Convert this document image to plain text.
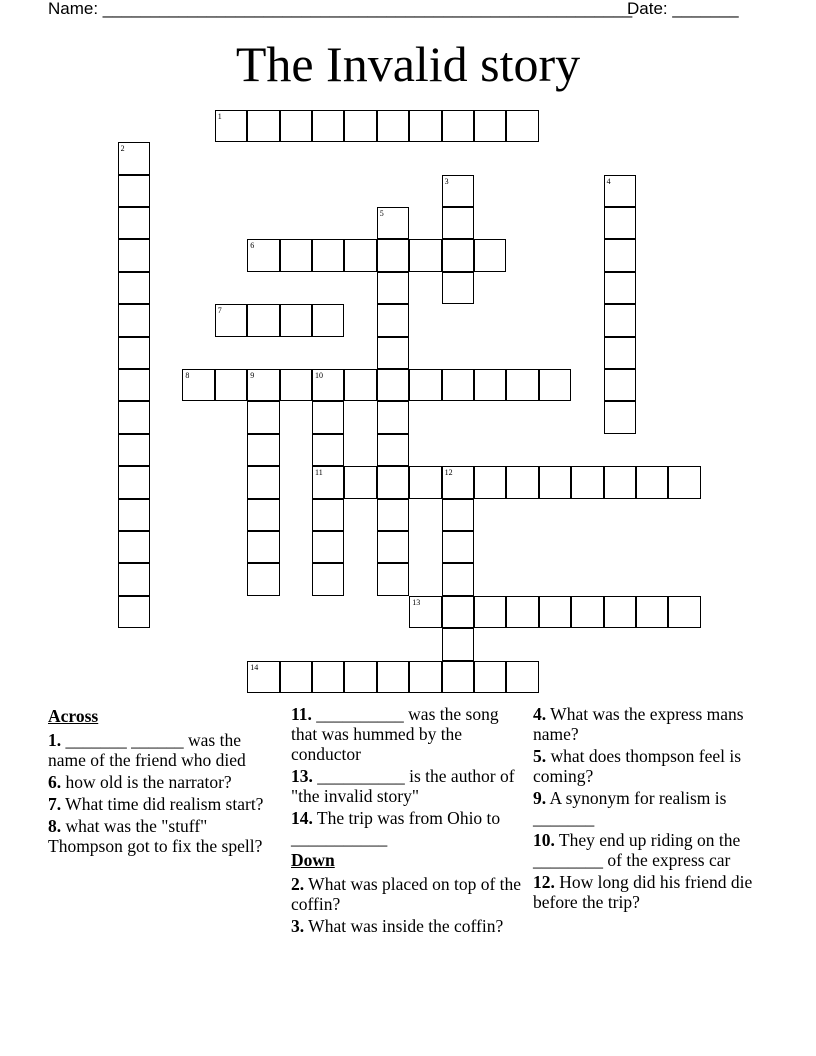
Name: ________________________________________________________
Date: _______
The Invalid story
1
2
3	4
5
6
7
8	9	10
11	12
13
14
Across
1. _______ ______ was the name of the friend who died
6. how old is the narrator?
7. What time did realism start?
8. what was the "stuff" Thompson got to fix the spell?
11. __________ was the song that was hummed by the conductor
13. __________ is the author of "the invalid story"
14. The trip was from Ohio to ___________
Down
2. What was placed on top of the coffin?
3. What was inside the coffin?
4. What was the express mans name?
5. what does thompson feel is coming?
9. A synonym for realism is _______
10. They end up riding on the ________ of the express car
12. How long did his friend die before the trip?
